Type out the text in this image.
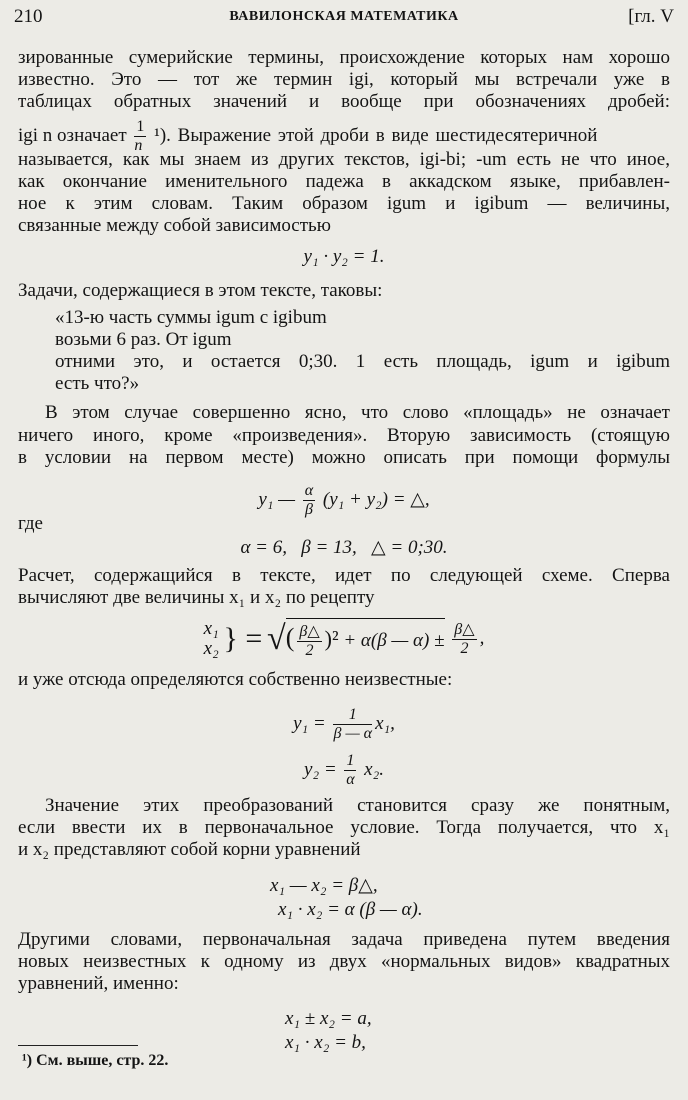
210	ВАВИЛОНСКАЯ МАТЕМАТИКА	[гл. V
зированные сумерийские термины, происхождение которых нам хорошо
известно. Это — тот же термин igi, который мы встречали уже в
таблицах обратных значений и вообще при обозначениях дробей:
igi n означает $\frac{1}{n} ^1$). Выражение этой дроби в виде шестидесятеричной
называется, как мы знаем из других текстов, igi-bi; -um есть не что иное,
как окончание именительного падежа в аккадском языке, прибавлен-
ное к этим словам. Таким образом igum и igibum — величины,
связанные между собой зависимостью
y₁ · y₂ = 1.
Задачи, содержащиеся в этом тексте, таковы:
«13-ю часть суммы igum с igibum
возьми 6 раз. От igum
отними это, и остается 0;30. 1 есть площадь, igum и igibum
есть что?»
В этом случае совершенно ясно, что слово «площадь» не означает
ничего иного, кроме «произведения». Вторую зависимость (стоящую
в условии на первом месте) можно описать при помощи формулы
y₁ — $\frac{\alpha}{\beta} (y_1 + y_2)$ = △,
где
α = 6,   β = 13,   △ = 0;30.
Расчет, содержащийся в тексте, идет по следующей схеме. Сперва
вычисляют две величины x₁ и x₂ по рецепту
x₁
x₂ } = √( $\frac{\beta\triangle}{2} )^2 + \alpha(\beta$ — $\alpha) \pm \frac{\beta\triangle}{2}$ ,
и уже отсюда определяются собственно неизвестные:
$y_1 = \frac{1}{\beta — \alpha} x_1$,
$y_2 = \frac{1}{\alpha} x_2$.
Значение этих преобразований становится сразу же понятным,
если ввести их в первоначальное условие. Тогда получается, что x₁
и x₂ представляют собой корни уравнений
x₁ — x₂ = β△,
x₁ · x₂ = α (β — α).
Другими словами, первоначальная задача приведена путем введения
новых неизвестных к одному из двух «нормальных видов» квадратных
уравнений, именно:
x₁ ± x₂ = a,
x₁ · x₂ = b,
¹) См. выше, стр. 22.
